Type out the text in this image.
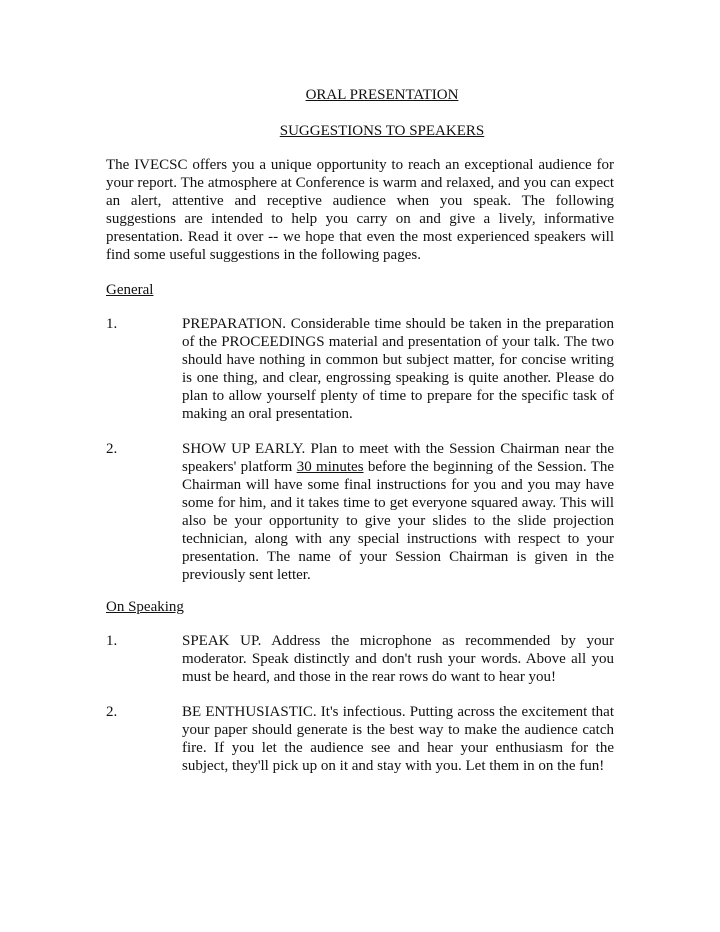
ORAL PRESENTATION
SUGGESTIONS TO SPEAKERS

The IVECSC offers you a unique opportunity to reach an exceptional audience for your report. The atmosphere at Conference is warm and relaxed, and you can expect an alert, attentive and receptive audience when you speak. The following suggestions are intended to help you carry on and give a lively, informative presentation. Read it over -- we hope that even the most experienced speakers will find some useful suggestions in the following pages.

General
1.	PREPARATION. Considerable time should be taken in the preparation of the PROCEEDINGS material and presentation of your talk. The two should have nothing in common but subject matter, for concise writing is one thing, and clear, engrossing speaking is quite another. Please do plan to allow yourself plenty of time to prepare for the specific task of making an oral presentation.

2.	SHOW UP EARLY. Plan to meet with the Session Chairman near the speakers' platform 30 minutes before the beginning of the Session. The Chairman will have some final instructions for you and you may have some for him, and it takes time to get everyone squared away. This will also be your opportunity to give your slides to the slide projection technician, along with any special instructions with respect to your presentation. The name of your Session Chairman is given in the previously sent letter.

On Speaking
1.	SPEAK UP. Address the microphone as recommended by your moderator. Speak distinctly and don't rush your words. Above all you must be heard, and those in the rear rows do want to hear you!

2.	BE ENTHUSIASTIC. It's infectious. Putting across the excitement that your paper should generate is the best way to make the audience catch fire. If you let the audience see and hear your enthusiasm for the subject, they'll pick up on it and stay with you. Let them in on the fun!
